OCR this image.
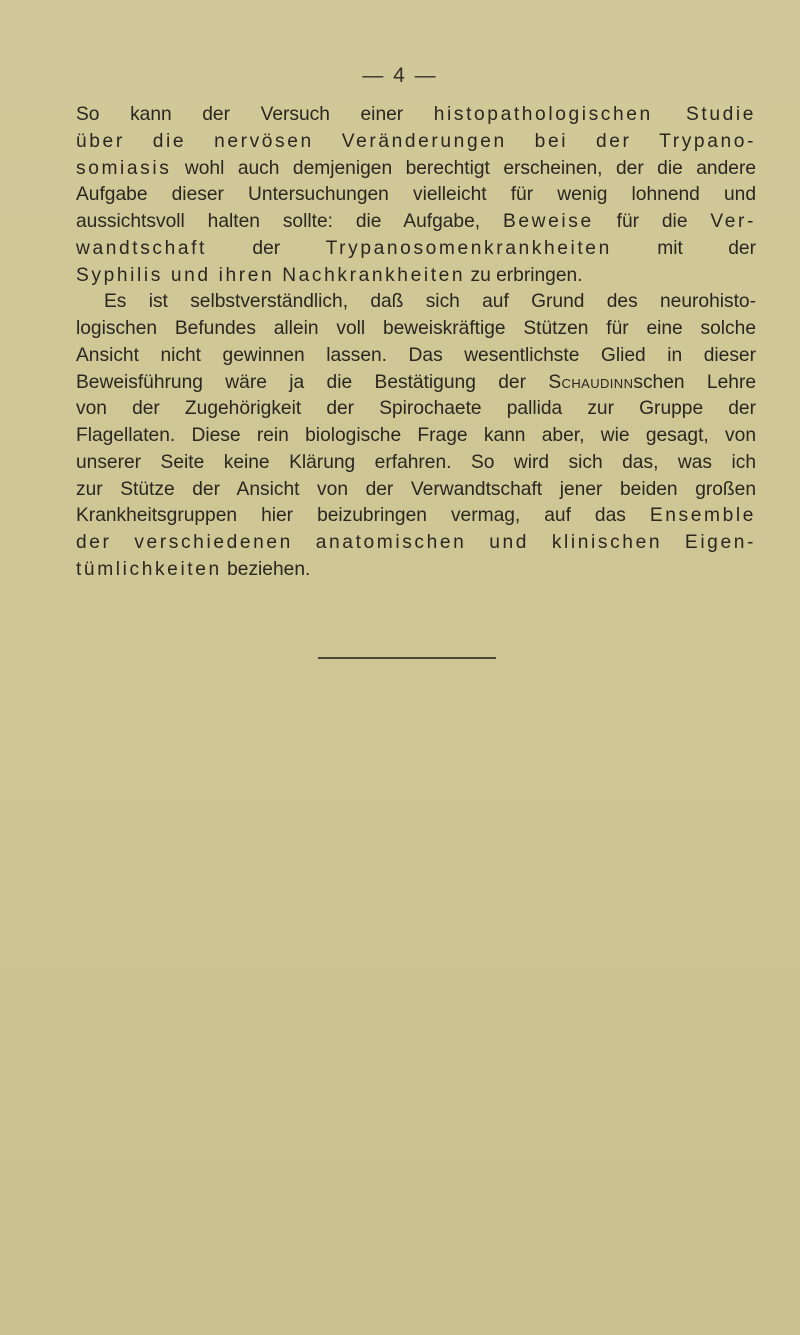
— 4 —
So kann der Versuch einer histopathologischen Studie
über die nervösen Veränderungen bei der Trypano-
somiasis wohl auch demjenigen berechtigt erscheinen, der die andere
Aufgabe dieser Untersuchungen vielleicht für wenig lohnend und
aussichtsvoll halten sollte: die Aufgabe, Beweise für die Ver-
wandtschaft der Trypanosomenkrankheiten mit der
Syphilis und ihren Nachkrankheiten zu erbringen.
Es ist selbstverständlich, daß sich auf Grund des neurohisto-
logischen Befundes allein voll beweiskräftige Stützen für eine solche
Ansicht nicht gewinnen lassen. Das wesentlichste Glied in dieser
Beweisführung wäre ja die Bestätigung der Schaudinnschen Lehre
von der Zugehörigkeit der Spirochaete pallida zur Gruppe der
Flagellaten. Diese rein biologische Frage kann aber, wie gesagt, von
unserer Seite keine Klärung erfahren. So wird sich das, was ich
zur Stütze der Ansicht von der Verwandtschaft jener beiden großen
Krankheitsgruppen hier beizubringen vermag, auf das Ensemble
der verschiedenen anatomischen und klinischen Eigen-
tümlichkeiten beziehen.
